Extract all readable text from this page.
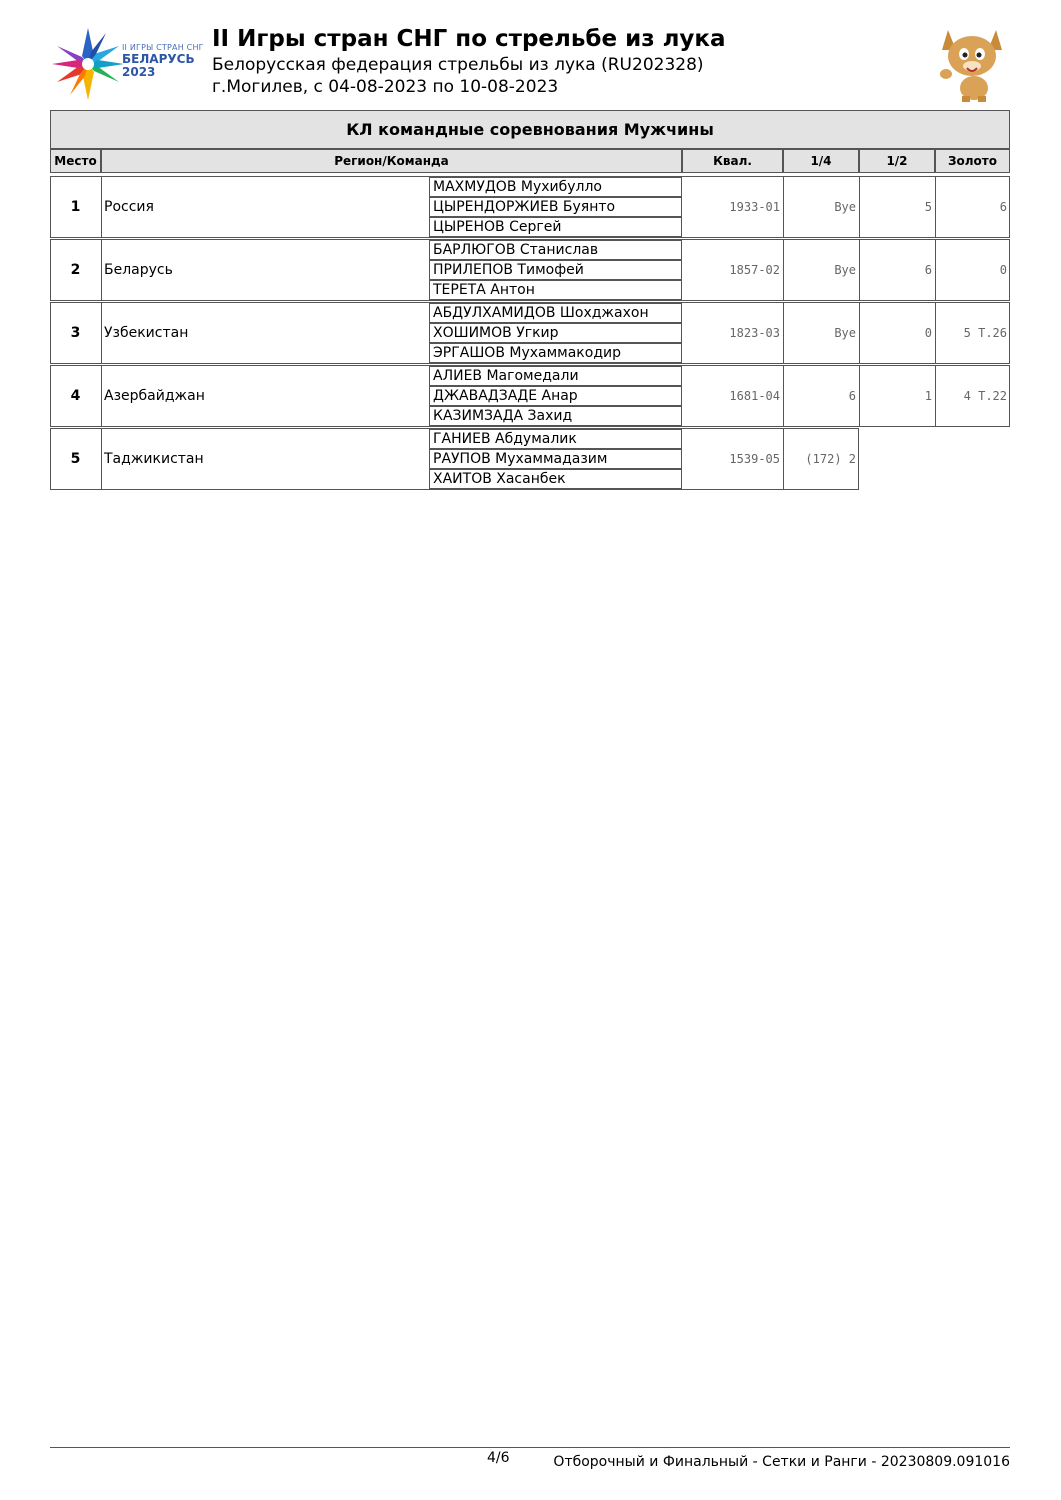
II ИГРЫ СТРАН СНГ
БЕЛАРУСЬ
2023
II Игры стран СНГ по стрельбе из лука
Белорусская федерация стрельбы из лука (RU202328)
г.Могилев, с 04-08-2023 по 10-08-2023
КЛ командные соревнования Мужчины
Место	Регион/Команда	Квал.	1/4	1/2	Золото
1	Россия
МАХМУДОВ Мухибулло
ЦЫРЕНДОРЖИЕВ Буянто
ЦЫРЕНОВ Сергей
1933-01	Bye	5	6
2	Беларусь
БАРЛЮГОВ Станислав
ПРИЛЕПОВ Тимофей
ТЕРЕТА Антон
1857-02	Bye	6	0
3	Узбекистан
АБДУЛХАМИДОВ Шохджахон
ХОШИМОВ Угкир
ЭРГАШОВ Мухаммакодир
1823-03	Bye	0	5 T.26
4	Азербайджан
АЛИЕВ Магомедали
ДЖАВАДЗАДЕ Анар
КАЗИМЗАДА Захид
1681-04	6	1	4 T.22
5	Таджикистан
ГАНИЕВ Абдумалик
РАУПОВ Мухаммадазим
ХАИТОВ Хасанбек
1539-05	(172) 2
4/6	Отборочный и Финальный - Сетки и Ранги - 20230809.091016
